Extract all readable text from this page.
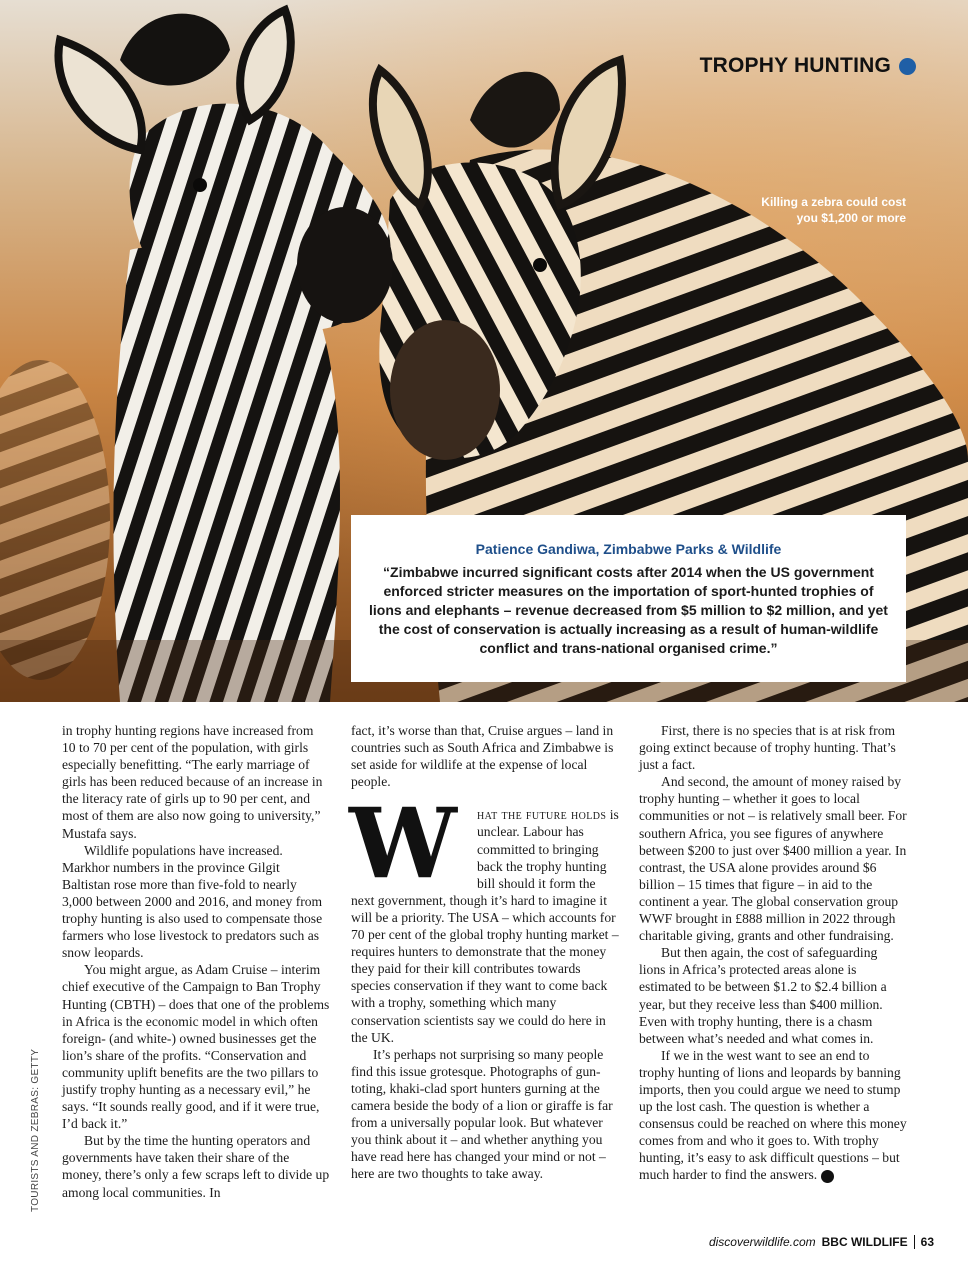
TROPHY HUNTING
Killing a zebra could cost you $1,200 or more
Patience Gandiwa, Zimbabwe Parks & Wildlife
“Zimbabwe incurred significant costs after 2014 when the US government enforced stricter measures on the importation of sport-hunted trophies of lions and elephants – revenue decreased from $5 million to $2 million, and yet the cost of conservation is actually increasing as a result of human-wildlife conflict and trans-national organised crime.”

in trophy hunting regions have increased from 10 to 70 per cent of the population, with girls especially benefitting. “The early marriage of girls has been reduced because of an increase in the literacy rate of girls up to 90 per cent, and most of them are also now going to university,” Mustafa says.

Wildlife populations have increased. Markhor numbers in the province Gilgit Baltistan rose more than five-fold to nearly 3,000 between 2000 and 2016, and money from trophy hunting is also used to compensate those farmers who lose livestock to predators such as snow leopards.

You might argue, as Adam Cruise – interim chief executive of the Campaign to Ban Trophy Hunting (CBTH) – does that one of the problems in Africa is the economic model in which often foreign- (and white-) owned businesses get the lion’s share of the profits. “Conservation and community uplift benefits are the two pillars to justify trophy hunting as a necessary evil,” he says. “It sounds really good, and if it were true, I’d back it.”

But by the time the hunting operators and governments have taken their share of the money, there’s only a few scraps left to divide up among local communities. In

fact, it’s worse than that, Cruise argues – land in countries such as South Africa and Zimbabwe is set aside for wildlife at the expense of local people.

W	hat the future holds is unclear. Labour has committed to bringing back the trophy hunting bill should it form the next government, though it’s hard to imagine it will be a priority. The USA – which accounts for 70 per cent of the global trophy hunting market – requires hunters to demonstrate that the money they paid for their kill contributes towards species conservation if they want to come back with a trophy, something which many conservation scientists say we could do here in the UK.

It’s perhaps not surprising so many people find this issue grotesque. Photographs of gun-toting, khaki-clad sport hunters gurning at the camera beside the body of a lion or giraffe is far from a universally popular look. But whatever you think about it – and whether anything you have read here has changed your mind or not – here are two thoughts to take away.

First, there is no species that is at risk from going extinct because of trophy hunting. That’s just a fact.

And second, the amount of money raised by trophy hunting – whether it goes to local communities or not – is relatively small beer. For southern Africa, you see figures of anywhere between $200 to just over $400 million a year. In contrast, the USA alone provides around $6 billion – 15 times that figure – in aid to the continent a year. The global conservation group WWF brought in £888 million in 2022 through charitable giving, grants and other fundraising.

But then again, the cost of safeguarding lions in Africa’s protected areas alone is estimated to be between $1.2 to $2.4 billion a year, but they receive less than $400 million. Even with trophy hunting, there is a chasm between what’s needed and what comes in.

If we in the west want to see an end to trophy hunting of lions and leopards by banning imports, then you could argue we need to stump up the lost cash. The question is whether a consensus could be reached on where this money comes from and who it goes to. With trophy hunting, it’s easy to ask difficult questions – but much harder to find the answers.	W

TOURISTS AND ZEBRAS: GETTY
discoverwildlife.com BBC WILDLIFE 63
